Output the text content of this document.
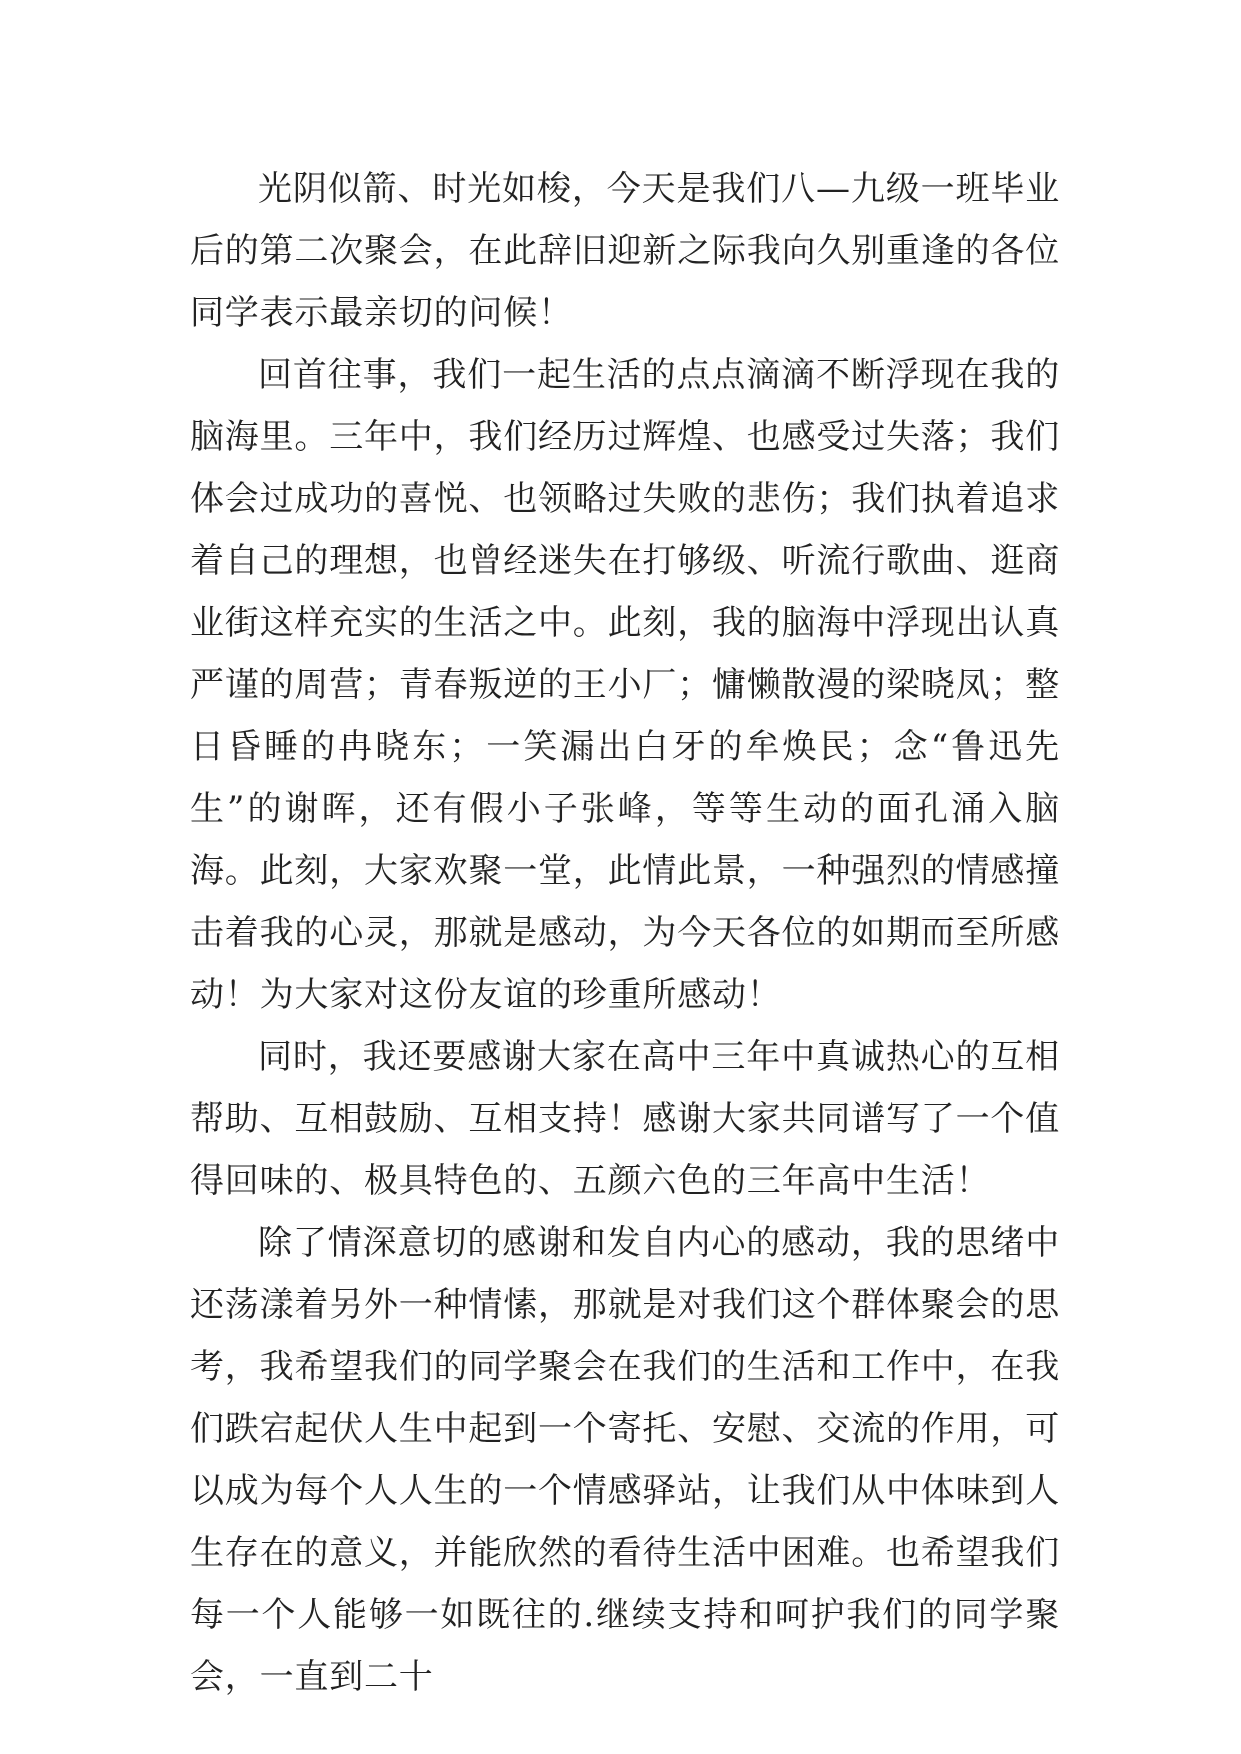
光阴似箭、时光如梭，今天是我们八—九级一班毕业后的第二次聚会，在此辞旧迎新之际我向久别重逢的各位同学表示最亲切的问候！

回首往事，我们一起生活的点点滴滴不断浮现在我的脑海里。三年中，我们经历过辉煌、也感受过失落；我们体会过成功的喜悦、也领略过失败的悲伤；我们执着追求着自己的理想，也曾经迷失在打够级、听流行歌曲、逛商业街这样充实的生活之中。此刻，我的脑海中浮现出认真严谨的周营；青春叛逆的王小厂；慵懒散漫的梁晓凤；整日昏睡的冉晓东；一笑漏出白牙的牟焕民；念“鲁迅先生”的谢晖，还有假小子张峰，等等生动的面孔涌入脑海。此刻，大家欢聚一堂，此情此景，一种强烈的情感撞击着我的心灵，那就是感动，为今天各位的如期而至所感动！为大家对这份友谊的珍重所感动！

同时，我还要感谢大家在高中三年中真诚热心的互相帮助、互相鼓励、互相支持！感谢大家共同谱写了一个值得回味的、极具特色的、五颜六色的三年高中生活！

除了情深意切的感谢和发自内心的感动，我的思绪中还荡漾着另外一种情愫，那就是对我们这个群体聚会的思考，我希望我们的同学聚会在我们的生活和工作中，在我们跌宕起伏人生中起到一个寄托、安慰、交流的作用，可以成为每个人人生的一个情感驿站，让我们从中体味到人生存在的意义，并能欣然的看待生活中困难。也希望我们每一个人能够一如既往的.继续支持和呵护我们的同学聚会，一直到二十
